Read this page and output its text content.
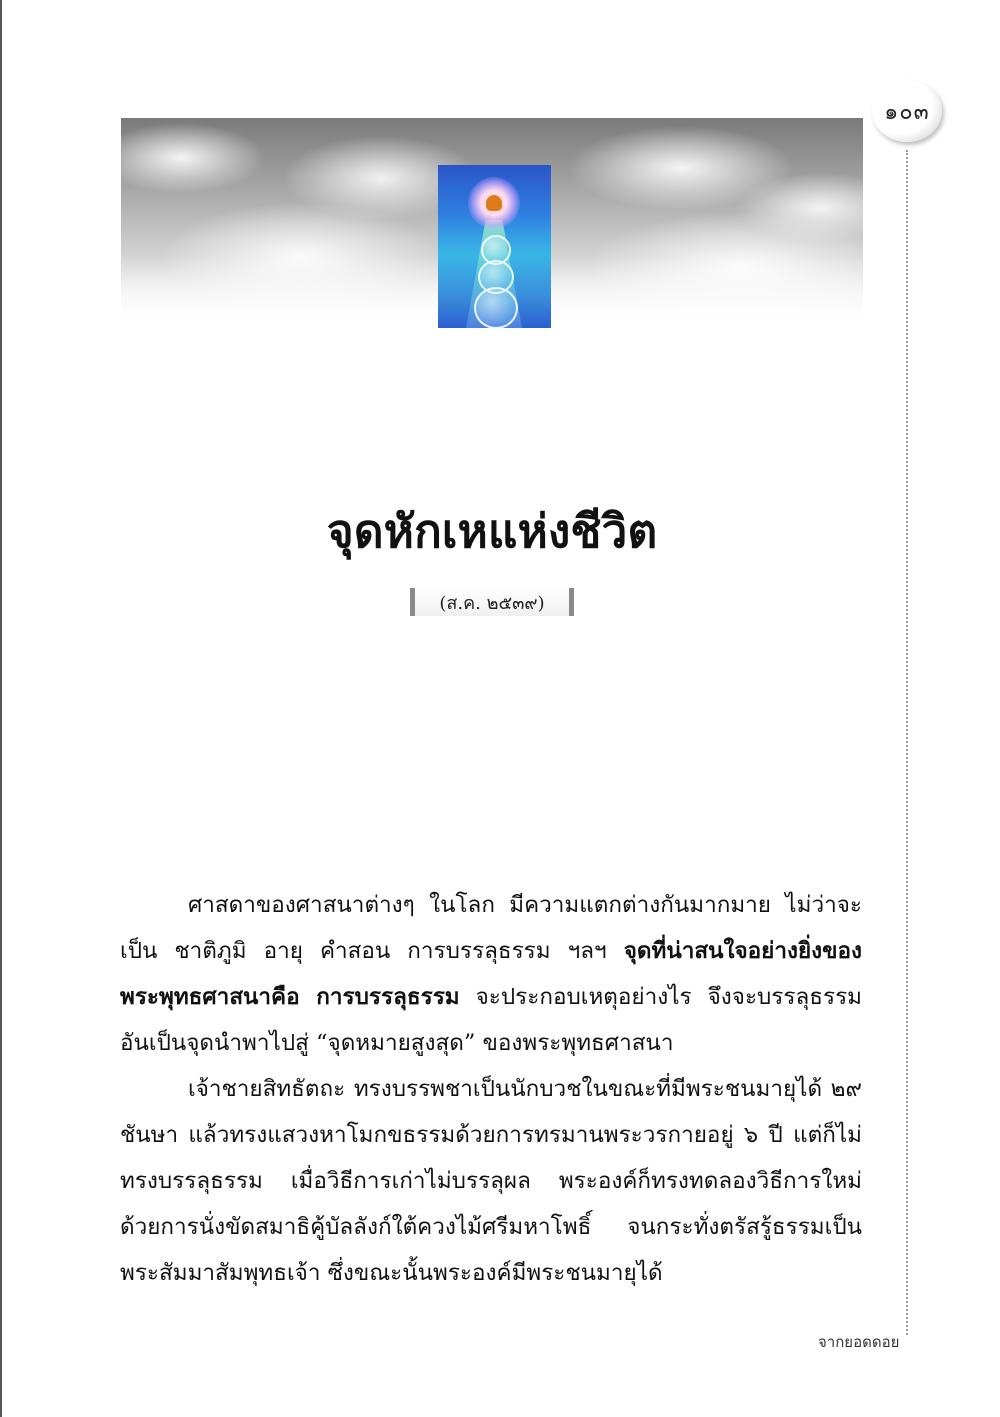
๑๐๓
จุดหักเหแห่งชีวิต
(ส.ค. ๒๕๓๙)

ศาสดาของศาสนาต่างๆ ในโลก มีความแตกต่างกันมากมาย ไม่ว่าจะเป็น ชาติภูมิ อายุ คำสอน การบรรลุธรรม ฯลฯ จุดที่น่าสนใจอย่างยิ่งของพระพุทธศาสนาคือ การบรรลุธรรม จะประกอบเหตุอย่างไร จึงจะบรรลุธรรม อันเป็นจุดนำพาไปสู่ “จุดหมายสูงสุด” ของพระพุทธศาสนา

เจ้าชายสิทธัตถะ ทรงบรรพชาเป็นนักบวชในขณะที่มีพระชนมายุได้ ๒๙ ชันษา แล้วทรงแสวงหาโมกขธรรมด้วยการทรมานพระวรกายอยู่ ๖ ปี แต่ก็ไม่ทรงบรรลุธรรม เมื่อวิธีการเก่าไม่บรรลุผล พระองค์ก็ทรงทดลองวิธีการใหม่ ด้วยการนั่งขัดสมาธิคู้บัลลังก์ใต้ควงไม้ศรีมหาโพธิ์ จนกระทั่งตรัสรู้ธรรมเป็นพระสัมมาสัมพุทธเจ้า ซึ่งขณะนั้นพระองค์มีพระชนมายุได้

จากยอดดอย
